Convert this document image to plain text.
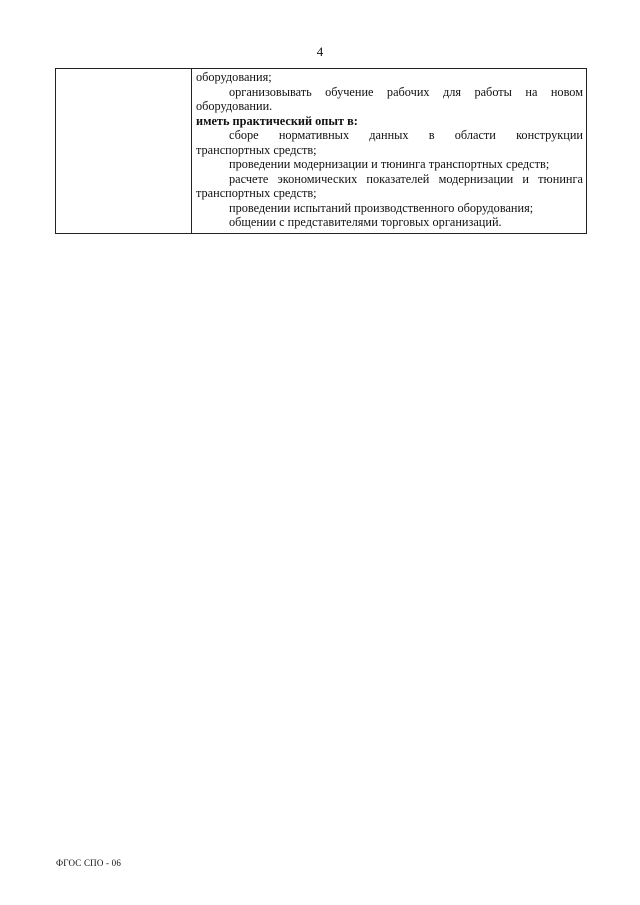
4
оборудования;
организовывать обучение рабочих для работы на новом
оборудовании.
иметь практический опыт в:
сборе нормативных данных в области конструкции
транспортных средств;
проведении модернизации и тюнинга транспортных средств;
расчете экономических показателей модернизации и тюнинга
транспортных средств;
проведении испытаний производственного оборудования;
общении с представителями торговых организаций.
ФГОС СПО - 06
